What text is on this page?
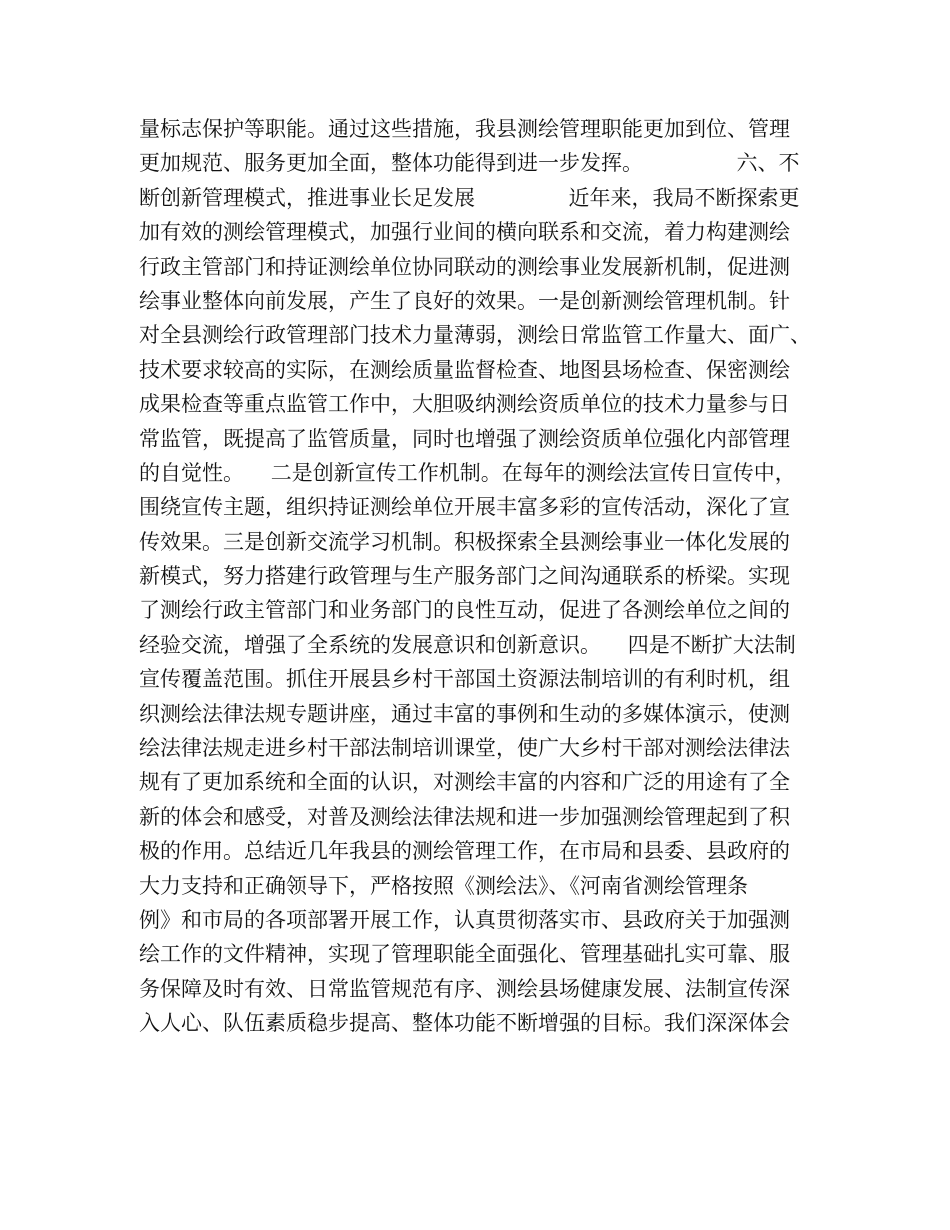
量标志保护等职能。通过这些措施，我县测绘管理职能更加到位、管理
更加规范、服务更加全面，整体功能得到进一步发挥。              六、不
断创新管理模式，推进事业长足发展              近年来，我局不断探索更
加有效的测绘管理模式，加强行业间的横向联系和交流，着力构建测绘
行政主管部门和持证测绘单位协同联动的测绘事业发展新机制，促进测
绘事业整体向前发展，产生了良好的效果。一是创新测绘管理机制。针
对全县测绘行政管理部门技术力量薄弱，测绘日常监管工作量大、面广、
技术要求较高的实际，在测绘质量监督检查、地图县场检查、保密测绘
成果检查等重点监管工作中，大胆吸纳测绘资质单位的技术力量参与日
常监管，既提高了监管质量，同时也增强了测绘资质单位强化内部管理
的自觉性。    二是创新宣传工作机制。在每年的测绘法宣传日宣传中，
围绕宣传主题，组织持证测绘单位开展丰富多彩的宣传活动，深化了宣
传效果。三是创新交流学习机制。积极探索全县测绘事业一体化发展的
新模式，努力搭建行政管理与生产服务部门之间沟通联系的桥梁。实现
了测绘行政主管部门和业务部门的良性互动，促进了各测绘单位之间的
经验交流，增强了全系统的发展意识和创新意识。    四是不断扩大法制
宣传覆盖范围。抓住开展县乡村干部国土资源法制培训的有利时机，组
织测绘法律法规专题讲座，通过丰富的事例和生动的多媒体演示，使测
绘法律法规走进乡村干部法制培训课堂，使广大乡村干部对测绘法律法
规有了更加系统和全面的认识，对测绘丰富的内容和广泛的用途有了全
新的体会和感受，对普及测绘法律法规和进一步加强测绘管理起到了积
极的作用。总结近几年我县的测绘管理工作，在市局和县委、县政府的
大力支持和正确领导下，严格按照《测绘法》、《河南省测绘管理条
例》和市局的各项部署开展工作，认真贯彻落实市、县政府关于加强测
绘工作的文件精神，实现了管理职能全面强化、管理基础扎实可靠、服
务保障及时有效、日常监管规范有序、测绘县场健康发展、法制宣传深
入人心、队伍素质稳步提高、整体功能不断增强的目标。我们深深体会
